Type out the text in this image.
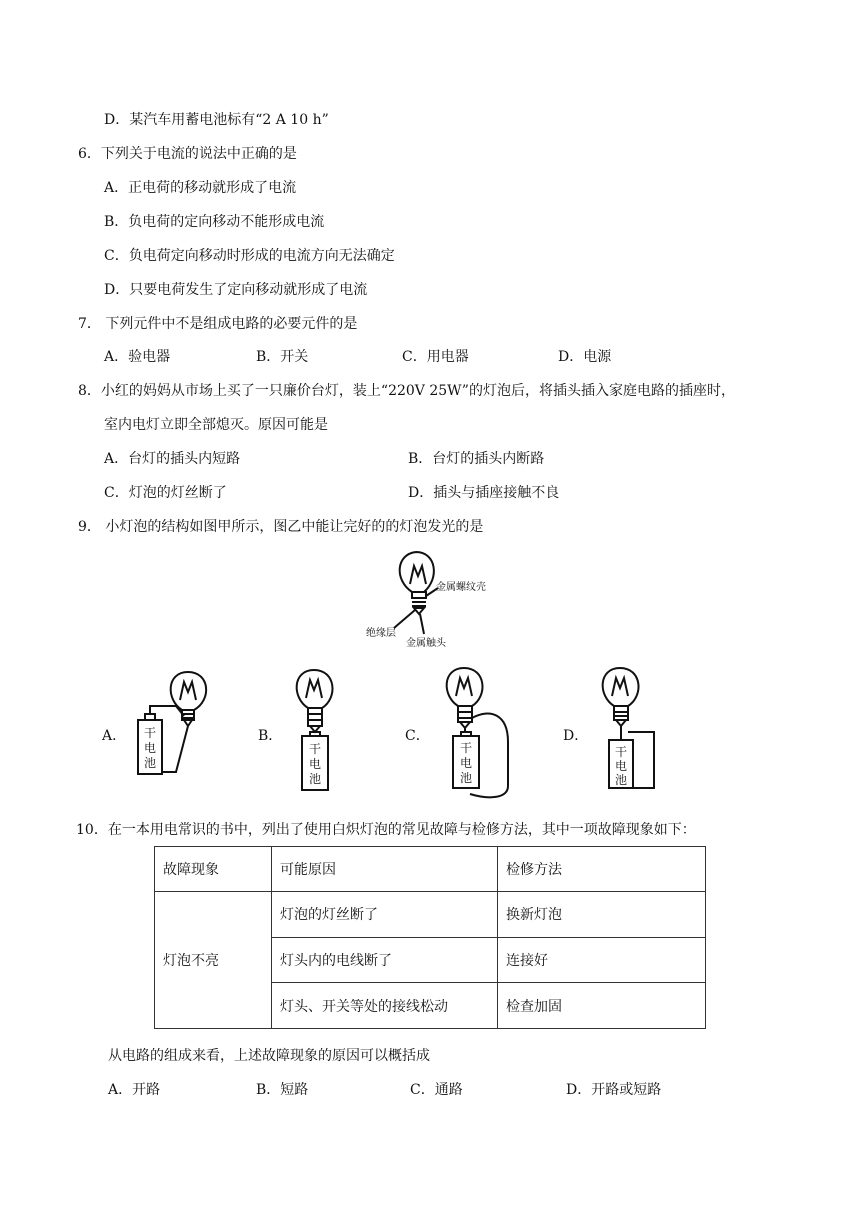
D．某汽车用蓄电池标有“2 A 10 h”
6．下列关于电流的说法中正确的是
A．正电荷的移动就形成了电流
B．负电荷的定向移动不能形成电流
C．负电荷定向移动时形成的电流方向无法确定
D．只要电荷发生了定向移动就形成了电流
7． 下列元件中不是组成电路的必要元件的是
A．验电器	B．开关	C．用电器	D．电源
8．小红的妈妈从市场上买了一只廉价台灯，装上“220V 25W”的灯泡后，将插头插入家庭电路的插座时，
室内电灯立即全部熄灭。原因可能是
A．台灯的插头内短路	B．台灯的插头内断路
C．灯泡的灯丝断了	D．插头与插座接触不良
9． 小灯泡的结构如图甲所示，图乙中能让完好的的灯泡发光的是
金属螺纹壳
绝缘层
金属触头
A．	B．	C．	D．
干
电
池
干
电
池
干
电
池
干
电
池
10．在一本用电常识的书中，列出了使用白炽灯泡的常见故障与检修方法，其中一项故障现象如下：
故障现象	可能原因	检修方法
灯泡不亮	灯泡的灯丝断了	换新灯泡
	灯头内的电线断了	连接好
	灯头、开关等处的接线松动	检查加固
从电路的组成来看，上述故障现象的原因可以概括成
A．开路	B．短路	C．通路	D．开路或短路
